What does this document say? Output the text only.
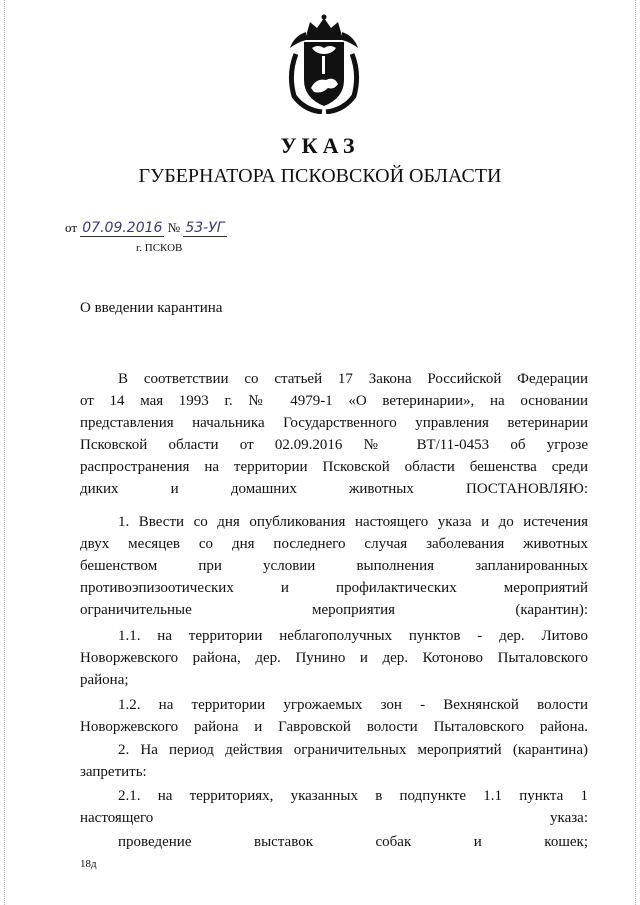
УКАЗ
ГУБЕРНАТОРА ПСКОВСКОЙ ОБЛАСТИ
от 07.09.2016 № 53-УГ
г. ПСКОВ
О введении карантина
В соответствии со статьей 17 Закона Российской Федерации
от 14 мая 1993 г. № 4979-1 «О ветеринарии», на основании
представления начальника Государственного управления ветеринарии
Псковской области от 02.09.2016 № ВТ/11-0453 об угрозе
распространения на территории Псковской области бешенства среди
диких и домашних животных ПОСТАНОВЛЯЮ:
1. Ввести со дня опубликования настоящего указа и до истечения
двух месяцев со дня последнего случая заболевания животных
бешенством при условии выполнения запланированных
противоэпизоотических и профилактических мероприятий
ограничительные мероприятия (карантин):
1.1. на территории неблагополучных пунктов - дер. Литово
Новоржевского района, дер. Пунино и дер. Котоново Пыталовского
района;
1.2. на территории угрожаемых зон - Вехнянской волости
Новоржевского района и Гавровской волости Пыталовского района.
2. На период действия ограничительных мероприятий (карантина)
запретить:
2.1. на территориях, указанных в подпункте 1.1 пункта 1
настоящего указа:
проведение выставок собак и кошек;
18д
